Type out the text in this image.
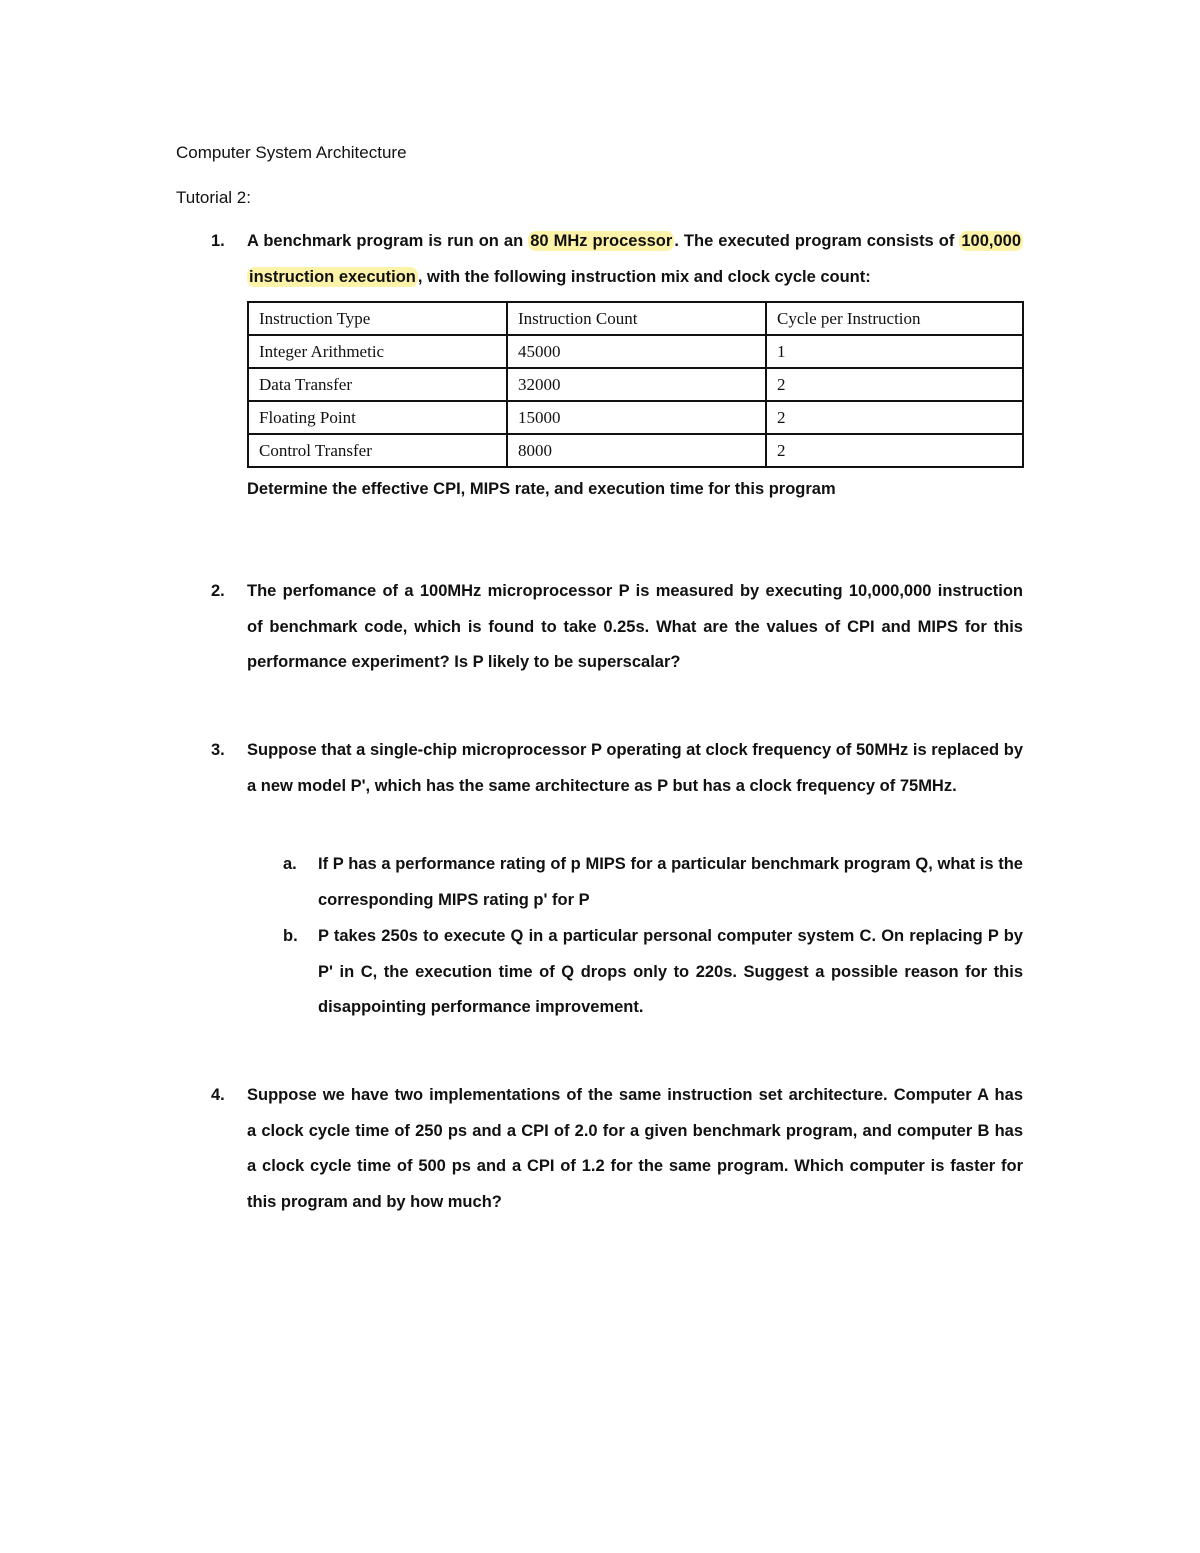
Computer System Architecture
Tutorial 2:
1. A benchmark program is run on an 80 MHz processor . The executed program consists of 100,000
instruction execution , with the following instruction mix and clock cycle count:
Instruction Type	Instruction Count	Cycle per Instruction
Integer Arithmetic	45000	1
Data Transfer	32000	2
Floating Point	15000	2
Control Transfer	8000	2
Determine the effective CPI, MIPS rate, and execution time for this program
2. The perfomance of a 100MHz microprocessor P is measured by executing 10,000,000 instruction
of benchmark code, which is found to take 0.25s. What are the values of CPI and MIPS for this
performance experiment? Is P likely to be superscalar?
3. Suppose that a single-chip microprocessor P operating at clock frequency of 50MHz is replaced by
a new model P', which has the same architecture as P but has a clock frequency of 75MHz.
a. If P has a performance rating of p MIPS for a particular benchmark program Q, what is the
corresponding MIPS rating p' for P
b. P takes 250s to execute Q in a particular personal computer system C. On replacing P by
P' in C, the execution time of Q drops only to 220s. Suggest a possible reason for this
disappointing performance improvement.
4. Suppose we have two implementations of the same instruction set architecture. Computer A has
a clock cycle time of 250 ps and a CPI of 2.0 for a given benchmark program, and computer B has
a clock cycle time of 500 ps and a CPI of 1.2 for the same program. Which computer is faster for
this program and by how much?
